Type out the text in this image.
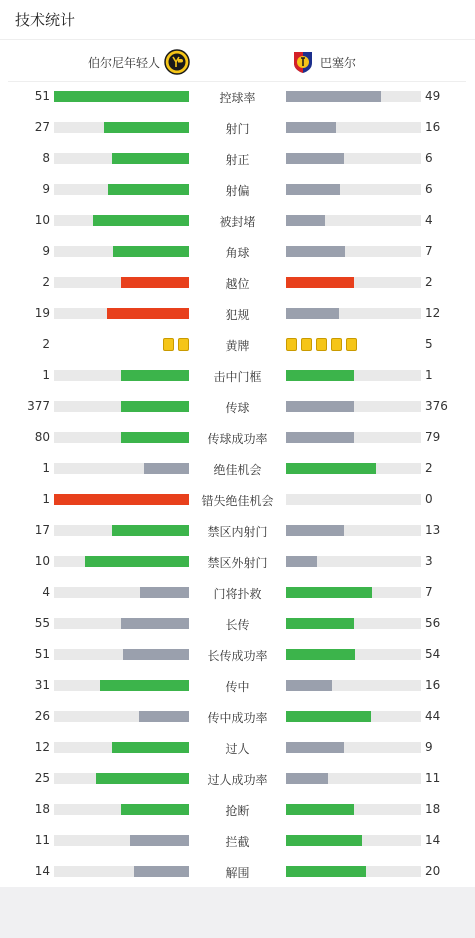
技术统计
伯尔尼年轻人	巴塞尔
51	控球率	49
27	射门	16
8	射正	6
9	射偏	6
10	被封堵	4
9	角球	7
2	越位	2
19	犯规	12
2	黄牌	5
1	击中门框	1
377	传球	376
80	传球成功率	79
1	绝佳机会	2
1	错失绝佳机会	0
17	禁区内射门	13
10	禁区外射门	3
4	门将扑救	7
55	长传	56
51	长传成功率	54
31	传中	16
26	传中成功率	44
12	过人	9
25	过人成功率	11
18	抢断	18
11	拦截	14
14	解围	20
